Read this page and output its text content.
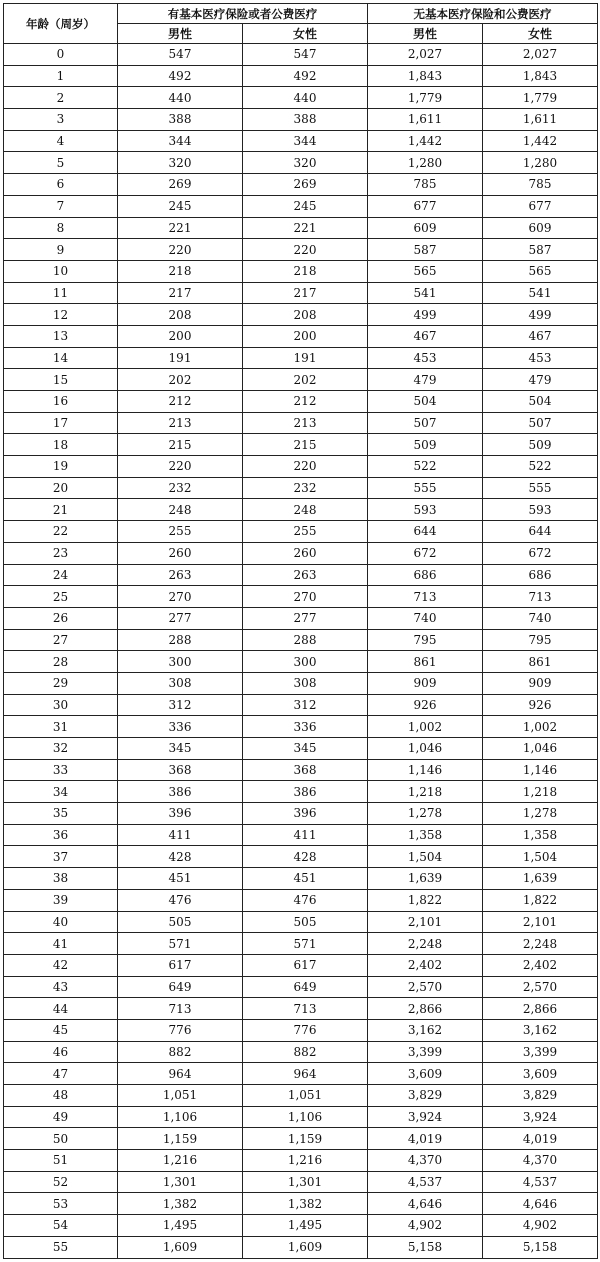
年龄（周岁）	有基本医疗保险或者公费医疗		无基本医疗保险和公费医疗	
	男性	女性	男性	女性
0	547	547	2,027	2,027
1	492	492	1,843	1,843
2	440	440	1,779	1,779
3	388	388	1,611	1,611
4	344	344	1,442	1,442
5	320	320	1,280	1,280
6	269	269	785	785
7	245	245	677	677
8	221	221	609	609
9	220	220	587	587
10	218	218	565	565
11	217	217	541	541
12	208	208	499	499
13	200	200	467	467
14	191	191	453	453
15	202	202	479	479
16	212	212	504	504
17	213	213	507	507
18	215	215	509	509
19	220	220	522	522
20	232	232	555	555
21	248	248	593	593
22	255	255	644	644
23	260	260	672	672
24	263	263	686	686
25	270	270	713	713
26	277	277	740	740
27	288	288	795	795
28	300	300	861	861
29	308	308	909	909
30	312	312	926	926
31	336	336	1,002	1,002
32	345	345	1,046	1,046
33	368	368	1,146	1,146
34	386	386	1,218	1,218
35	396	396	1,278	1,278
36	411	411	1,358	1,358
37	428	428	1,504	1,504
38	451	451	1,639	1,639
39	476	476	1,822	1,822
40	505	505	2,101	2,101
41	571	571	2,248	2,248
42	617	617	2,402	2,402
43	649	649	2,570	2,570
44	713	713	2,866	2,866
45	776	776	3,162	3,162
46	882	882	3,399	3,399
47	964	964	3,609	3,609
48	1,051	1,051	3,829	3,829
49	1,106	1,106	3,924	3,924
50	1,159	1,159	4,019	4,019
51	1,216	1,216	4,370	4,370
52	1,301	1,301	4,537	4,537
53	1,382	1,382	4,646	4,646
54	1,495	1,495	4,902	4,902
55	1,609	1,609	5,158	5,158
